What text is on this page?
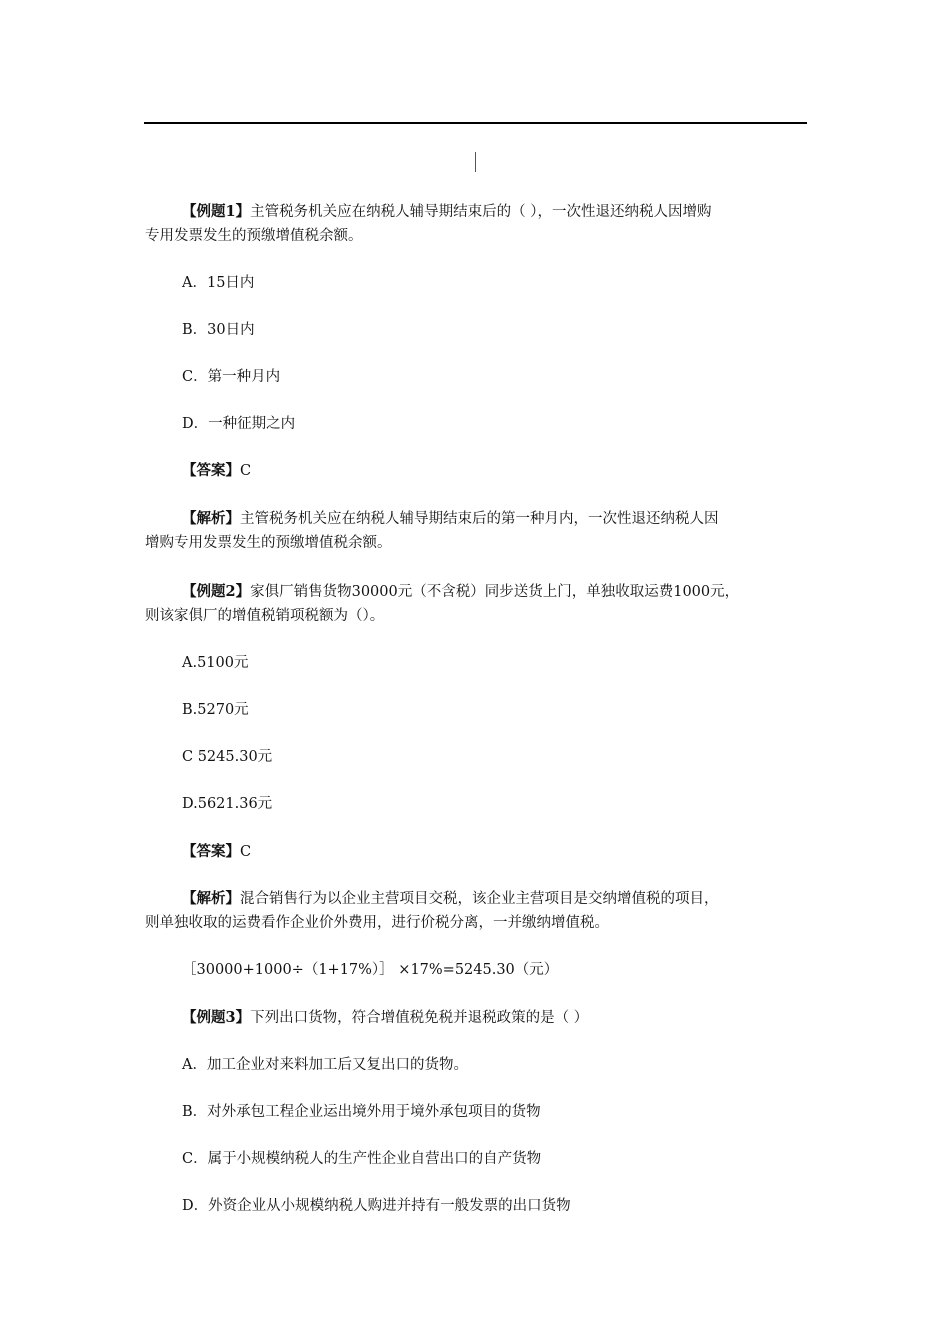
【例题1】主管税务机关应在纳税人辅导期结束后的（ ），一次性退还纳税人因增购
专用发票发生的预缴增值税余额。
A．15日内
B．30日内
C．第一种月内
D．一种征期之内
【答案】C
【解析】主管税务机关应在纳税人辅导期结束后的第一种月内，一次性退还纳税人因
增购专用发票发生的预缴增值税余额。
【例题2】家俱厂销售货物30000元（不含税）同步送货上门，单独收取运费1000元，
则该家俱厂的增值税销项税额为（）。
A.5100元
B.5270元
C 5245.30元
D.5621.36元
【答案】C
【解析】混合销售行为以企业主营项目交税，该企业主营项目是交纳增值税的项目，
则单独收取的运费看作企业价外费用，进行价税分离，一并缴纳增值税。
［30000+1000÷（1+17%）］ ×17%=5245.30（元）
【例题3】下列出口货物，符合增值税免税并退税政策的是（ ）
A．加工企业对来料加工后又复出口的货物。
B．对外承包工程企业运出境外用于境外承包项目的货物
C．属于小规模纳税人的生产性企业自营出口的自产货物
D．外资企业从小规模纳税人购进并持有一般发票的出口货物
